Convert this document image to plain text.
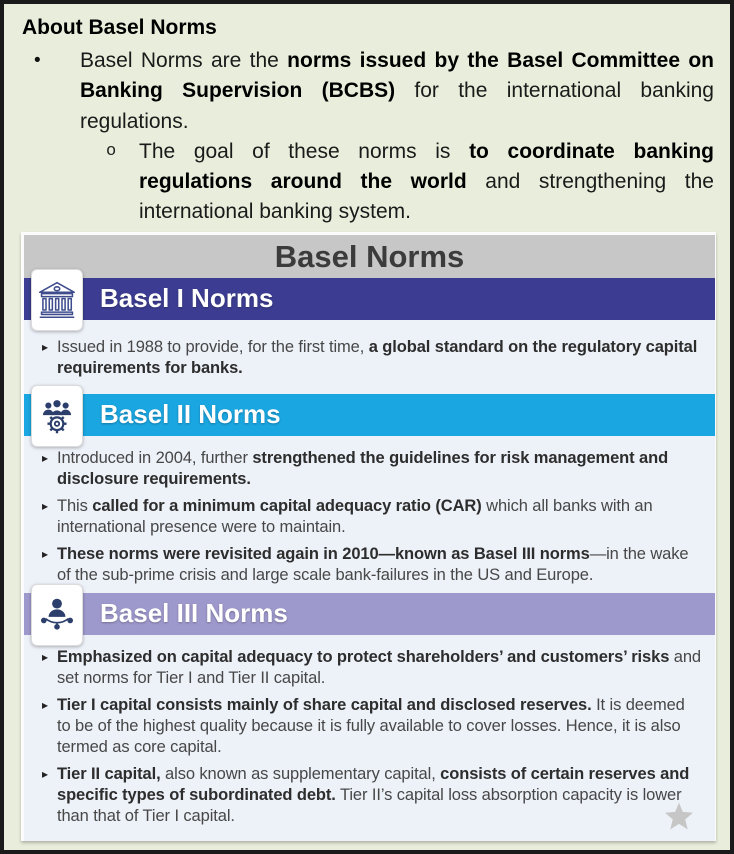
About Basel Norms
•	Basel Norms are the norms issued by the Basel Committee on Banking Supervision (BCBS) for the international banking regulations.
o	The goal of these norms is to coordinate banking regulations around the world and strengthening the international banking system.
Basel Norms
Basel I Norms
▸ Issued in 1988 to provide, for the first time, a global standard on the regulatory capital requirements for banks.
Basel II Norms
▸ Introduced in 2004, further strengthened the guidelines for risk management and disclosure requirements.
▸ This called for a minimum capital adequacy ratio (CAR) which all banks with an international presence were to maintain.
▸ These norms were revisited again in 2010—known as Basel III norms—in the wake of the sub-prime crisis and large scale bank-failures in the US and Europe.
Basel III Norms
▸ Emphasized on capital adequacy to protect shareholders’ and customers’ risks and set norms for Tier I and Tier II capital.
▸ Tier I capital consists mainly of share capital and disclosed reserves. It is deemed to be of the highest quality because it is fully available to cover losses. Hence, it is also termed as core capital.
▸ Tier II capital, also known as supplementary capital, consists of certain reserves and specific types of subordinated debt. Tier II’s capital loss absorption capacity is lower than that of Tier I capital.
